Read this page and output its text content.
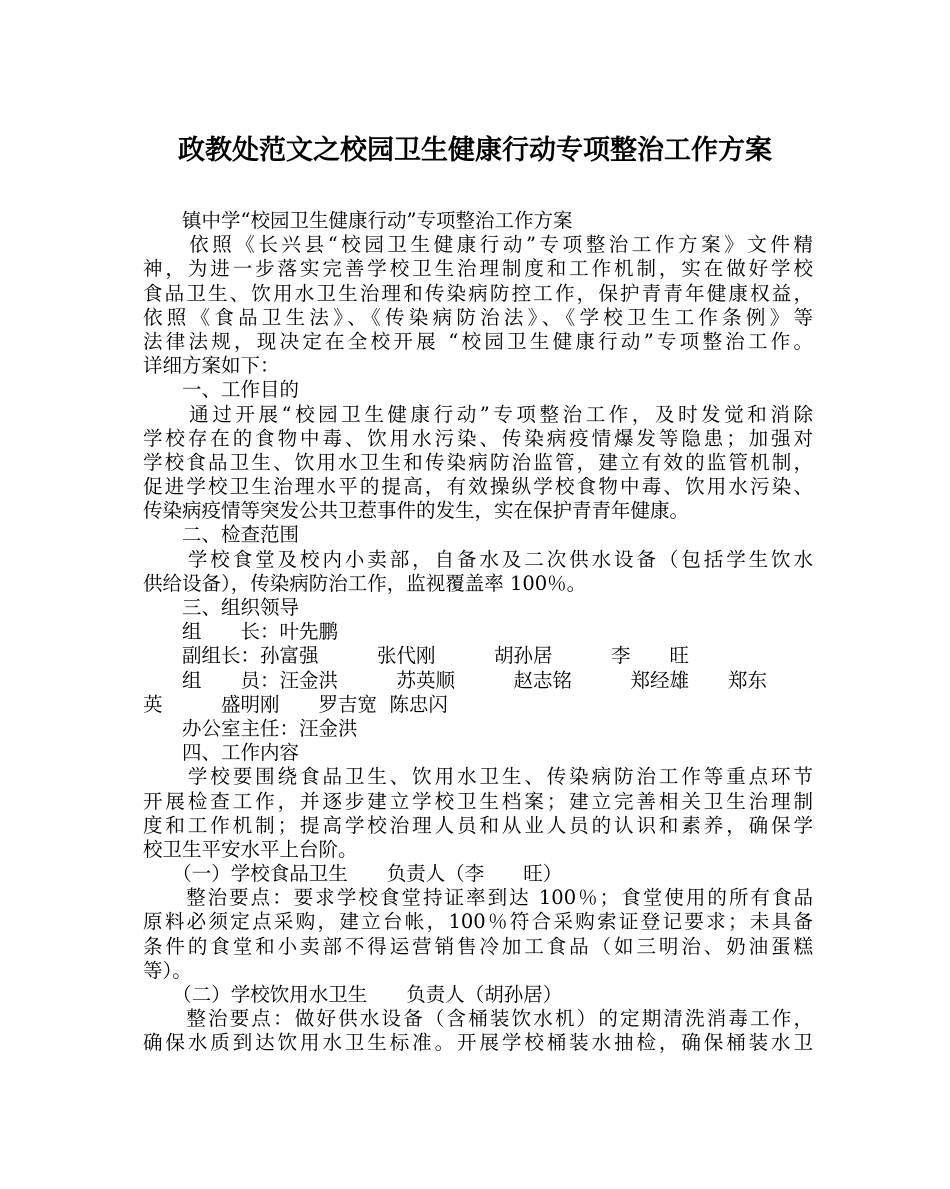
政教处范文之校园卫生健康行动专项整治工作方案
　　镇中学“校园卫生健康行动”专项整治工作方案
　　依照《长兴县“校园卫生健康行动”专项整治工作方案》文件精
神，为进一步落实完善学校卫生治理制度和工作机制，实在做好学校
食品卫生、饮用水卫生治理和传染病防控工作，保护青青年健康权益，
依照《食品卫生法》、《传染病防治法》、《学校卫生工作条例》等
法律法规，现决定在全校开展 “校园卫生健康行动”专项整治工作。
详细方案如下：
　　一、工作目的
　　通过开展“校园卫生健康行动”专项整治工作，及时发觉和消除
学校存在的食物中毒、饮用水污染、传染病疫情爆发等隐患；加强对
学校食品卫生、饮用水卫生和传染病防治监管，建立有效的监管机制，
促进学校卫生治理水平的提高，有效操纵学校食物中毒、饮用水污染、
传染病疫情等突发公共卫惹事件的发生，实在保护青青年健康。
　　二、检查范围
　　学校食堂及校内小卖部，自备水及二次供水设备（包括学生饮水
供给设备），传染病防治工作，监视覆盖率 100％。
　　三、组织领导
　　组　　长：叶先鹏
　　副组长：孙富强　　　张代刚　　　胡孙居　　　李　　旺
　　组　　员：汪金洪　　　苏英顺　　　赵志铭　　　郑经雄　　郑东
英　　　盛明刚　　罗吉宽  陈忠闪
　　办公室主任：汪金洪
　　四、工作内容
　　学校要围绕食品卫生、饮用水卫生、传染病防治工作等重点环节
开展检查工作，并逐步建立学校卫生档案；建立完善相关卫生治理制
度和工作机制；提高学校治理人员和从业人员的认识和素养，确保学
校卫生平安水平上台阶。
　　（一）学校食品卫生　　负责人（李　　旺）
　　整治要点：要求学校食堂持证率到达 100％；食堂使用的所有食品
原料必须定点采购，建立台帐，100％符合采购索证登记要求；未具备
条件的食堂和小卖部不得运营销售冷加工食品（如三明治、奶油蛋糕
等）。
　　（二）学校饮用水卫生　　负责人（胡孙居）
　　整治要点：做好供水设备（含桶装饮水机）的定期清洗消毒工作，
确保水质到达饮用水卫生标准。开展学校桶装水抽检，确保桶装水卫
